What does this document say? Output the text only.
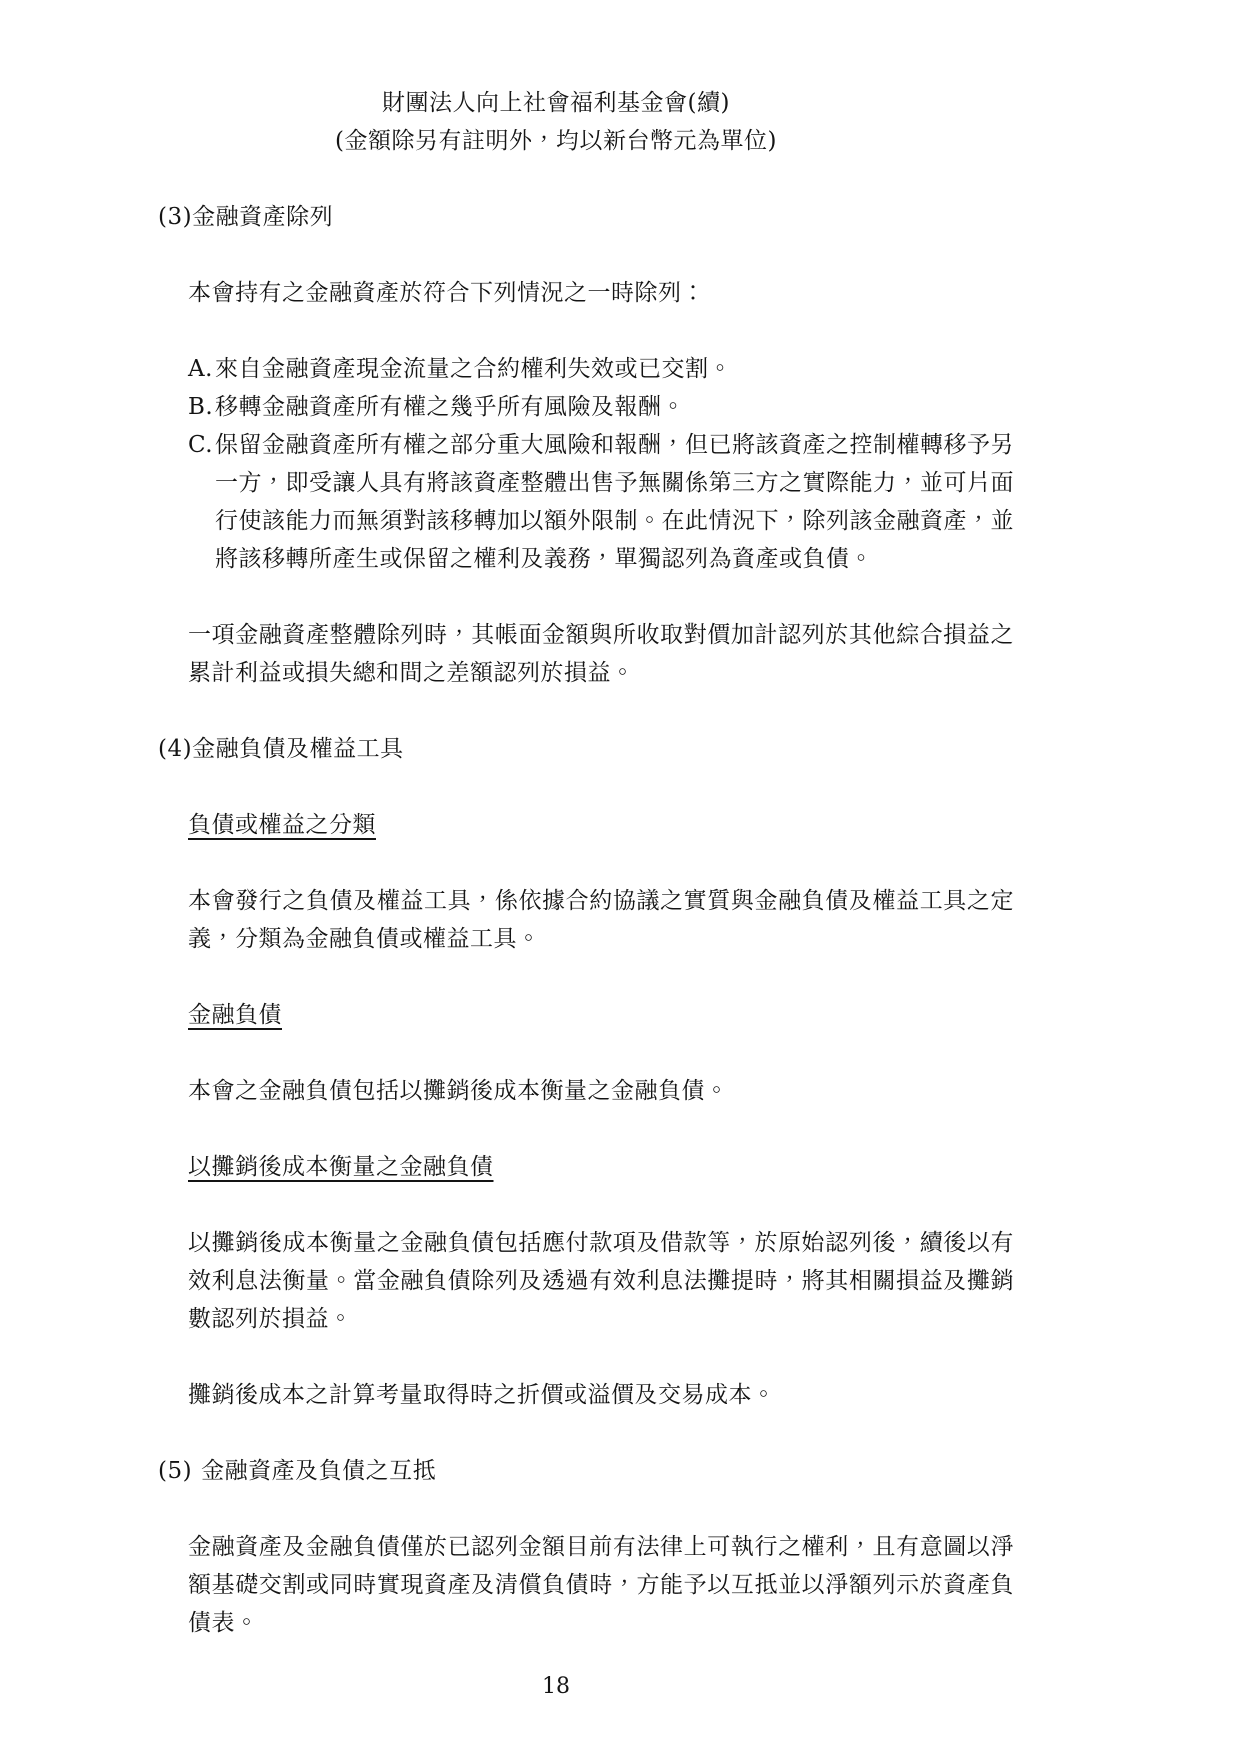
財團法人向上社會福利基金會(續)
(金額除另有註明外，均以新台幣元為單位)
(3)金融資產除列

本會持有之金融資產於符合下列情況之一時除列：

A. 來自金融資產現金流量之合約權利失效或已交割。
B. 移轉金融資產所有權之幾乎所有風險及報酬。
C. 保留金融資產所有權之部分重大風險和報酬，但已將該資產之控制權轉移予另一方，即受讓人具有將該資產整體出售予無關係第三方之實際能力，並可片面行使該能力而無須對該移轉加以額外限制。在此情況下，除列該金融資產，並將該移轉所產生或保留之權利及義務，單獨認列為資產或負債。

一項金融資產整體除列時，其帳面金額與所收取對價加計認列於其他綜合損益之累計利益或損失總和間之差額認列於損益。

(4)金融負債及權益工具
負債或權益之分類

本會發行之負債及權益工具，係依據合約協議之實質與金融負債及權益工具之定義，分類為金融負債或權益工具。

金融負債

本會之金融負債包括以攤銷後成本衡量之金融負債。

以攤銷後成本衡量之金融負債

以攤銷後成本衡量之金融負債包括應付款項及借款等，於原始認列後，續後以有效利息法衡量。當金融負債除列及透過有效利息法攤提時，將其相關損益及攤銷數認列於損益。

攤銷後成本之計算考量取得時之折價或溢價及交易成本。

(5) 金融資產及負債之互抵

金融資產及金融負債僅於已認列金額目前有法律上可執行之權利，且有意圖以淨額基礎交割或同時實現資產及清償負債時，方能予以互抵並以淨額列示於資產負債表。

18
